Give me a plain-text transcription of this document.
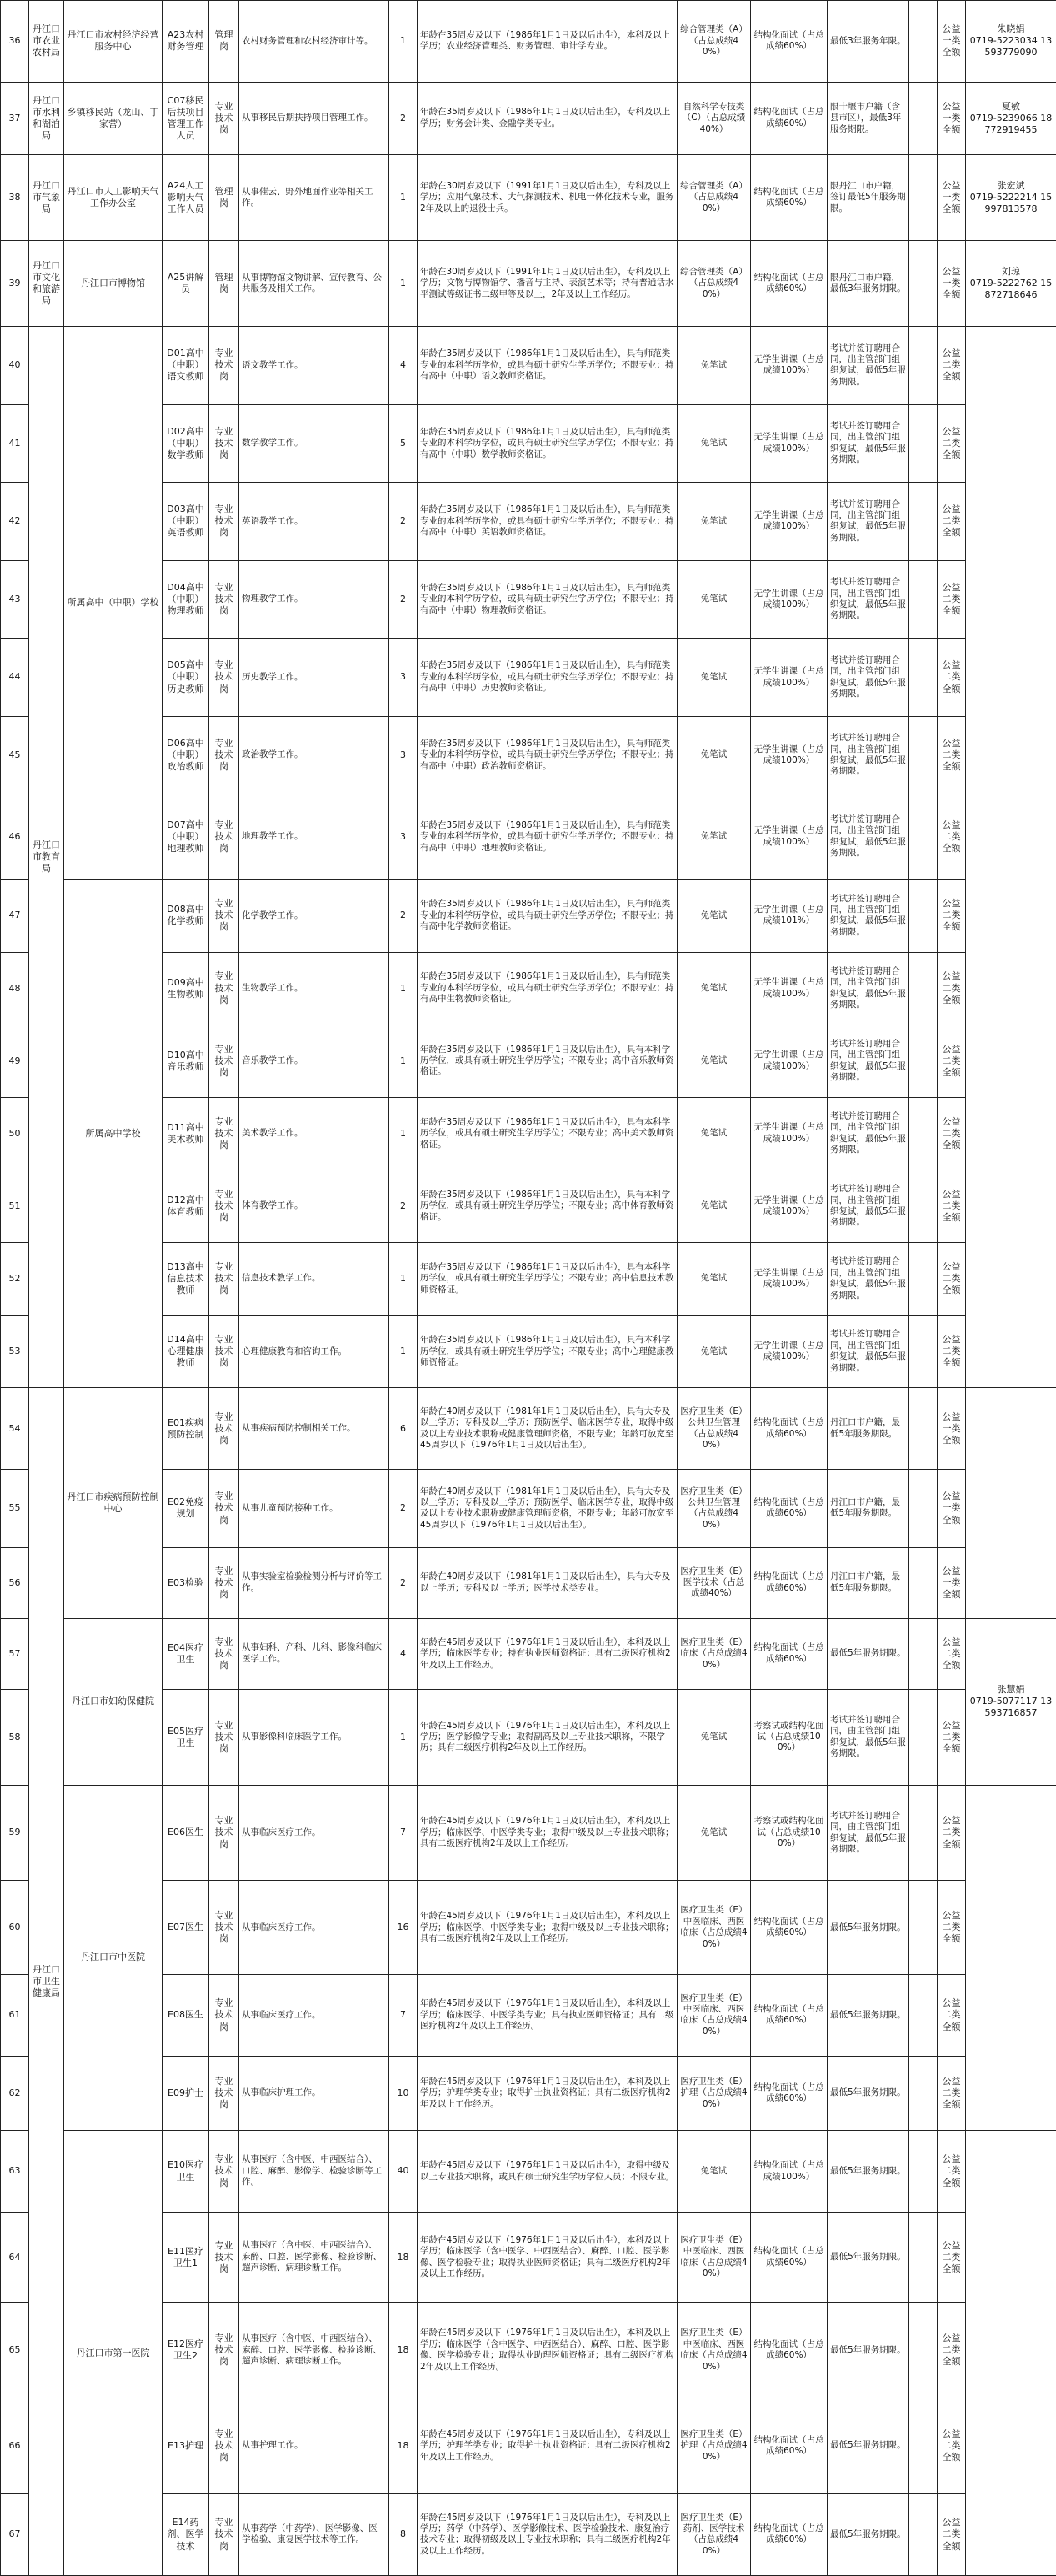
36	丹江口市农业农村局	丹江口市农村经济经营服务中心	A23农村财务管理	管理岗	农村财务管理和农村经济审计等。	1	年龄在35周岁及以下（1986年1月1日及以后出生），本科及以上学历；农业经济管理类、财务管理、审计学专业。	综合管理类（A）（占总成绩40%）	结构化面试（占总成绩60%）	最低3年服务年限。		公益一类全额	朱晓娟
0719-5223034 13593779090

37	丹江口市水利和湖泊局	乡镇移民站（龙山、丁家营）	C07移民后扶项目管理工作人员	专业技术岗	从事移民后期扶持项目管理工作。	2	年龄在35周岁及以下（1986年1月1日及以后出生），专科及以上学历；财务会计类、金融学类专业。	自然科学专技类（C）（占总成绩40%）	结构化面试（占总成绩60%）	限十堰市户籍（含县市区），最低3年服务期限。		公益一类全额	夏敏
0719-5239066 18772919455

38	丹江口市气象局	丹江口市人工影响天气工作办公室	A24人工影响天气工作人员	管理岗	从事催云、野外地面作业等相关工作。	1	年龄在30周岁及以下（1991年1月1日及以后出生），专科及以上学历；应用气象技术、大气探测技术、机电一体化技术专业，服务2年及以上的退役士兵。	综合管理类（A）（占总成绩40%）	结构化面试（占总成绩60%）	限丹江口市户籍，签订最低5年服务期限。		公益一类全额	张宏斌
0719-5222214 15997813578

39	丹江口市文化和旅游局	丹江口市博物馆	A25讲解员	管理岗	从事博物馆文物讲解、宣传教育、公共服务及相关工作。	1	年龄在30周岁及以下（1991年1月1日及以后出生），专科及以上学历；文物与博物馆学、播音与主持、表演艺术等；持有普通话水平测试等级证书二级甲等及以上，2年及以上工作经历。	综合管理类（A）（占总成绩40%）	结构化面试（占总成绩60%）	限丹江口市户籍，最低3年服务期限。		公益一类全额	刘琼
0719-5222762 15872718646

40	丹江口市教育局	所属高中（中职）学校	D01高中（中职）语文教师	专业技术岗	语文教学工作。	4	年龄在35周岁及以下（1986年1月1日及以后出生），具有师范类专业的本科学历学位，或具有硕士研究生学历学位；不限专业；持有高中（中职）语文教师资格证。	免笔试	无学生讲课（占总成绩100%）	考试并签订聘用合同，出主管部门组织复试，最低5年服务期限。		公益二类全额	

41			D02高中（中职）数学教师	专业技术岗	数学教学工作。	5	年龄在35周岁及以下（1986年1月1日及以后出生），具有师范类专业的本科学历学位，或具有硕士研究生学历学位；不限专业；持有高中（中职）数学教师资格证。	免笔试	无学生讲课（占总成绩100%）	考试并签订聘用合同，出主管部门组织复试，最低5年服务期限。		公益二类全额	
42			D03高中（中职）英语教师	专业技术岗	英语教学工作。	2	年龄在35周岁及以下（1986年1月1日及以后出生），具有师范类专业的本科学历学位，或具有硕士研究生学历学位；不限专业；持有高中（中职）英语教师资格证。	免笔试	无学生讲课（占总成绩100%）	考试并签订聘用合同，出主管部门组织复试，最低5年服务期限。		公益二类全额	
43			D04高中（中职）物理教师	专业技术岗	物理教学工作。	2	年龄在35周岁及以下（1986年1月1日及以后出生），具有师范类专业的本科学历学位，或具有硕士研究生学历学位；不限专业；持有高中（中职）物理教师资格证。	免笔试	无学生讲课（占总成绩100%）	考试并签订聘用合同，出主管部门组织复试，最低5年服务期限。		公益二类全额	
44			D05高中（中职）历史教师	专业技术岗	历史教学工作。	3	年龄在35周岁及以下（1986年1月1日及以后出生），具有师范类专业的本科学历学位，或具有硕士研究生学历学位；不限专业；持有高中（中职）历史教师资格证。	免笔试	无学生讲课（占总成绩100%）	考试并签订聘用合同，出主管部门组织复试，最低5年服务期限。		公益二类全额	
45			D06高中（中职）政治教师	专业技术岗	政治教学工作。	3	年龄在35周岁及以下（1986年1月1日及以后出生），具有师范类专业的本科学历学位，或具有硕士研究生学历学位；不限专业；持有高中（中职）政治教师资格证。	免笔试	无学生讲课（占总成绩100%）	考试并签订聘用合同，出主管部门组织复试，最低5年服务期限。		公益二类全额	
46			D07高中（中职）地理教师	专业技术岗	地理教学工作。	3	年龄在35周岁及以下（1986年1月1日及以后出生），具有师范类专业的本科学历学位，或具有硕士研究生学历学位；不限专业；持有高中（中职）地理教师资格证。	免笔试	无学生讲课（占总成绩100%）	考试并签订聘用合同，出主管部门组织复试，最低5年服务期限。		公益二类全额	
47		所属高中学校	D08高中化学教师	专业技术岗	化学教学工作。	2	年龄在35周岁及以下（1986年1月1日及以后出生），具有师范类专业的本科学历学位，或具有硕士研究生学历学位；不限专业；持有高中化学教师资格证。	免笔试	无学生讲课（占总成绩101%）	考试并签订聘用合同，出主管部门组织复试，最低5年服务期限。		公益二类全额	
48			D09高中生物教师	专业技术岗	生物教学工作。	1	年龄在35周岁及以下（1986年1月1日及以后出生），具有师范类专业的本科学历学位，或具有硕士研究生学历学位；不限专业；持有高中生物教师资格证。	免笔试	无学生讲课（占总成绩100%）	考试并签订聘用合同，出主管部门组织复试，最低5年服务期限。		公益二类全额	
49			D10高中音乐教师	专业技术岗	音乐教学工作。	1	年龄在35周岁及以下（1986年1月1日及以后出生），具有本科学历学位，或具有硕士研究生学历学位；不限专业；高中音乐教师资格证。	免笔试	无学生讲课（占总成绩100%）	考试并签订聘用合同，出主管部门组织复试，最低5年服务期限。		公益二类全额	
50			D11高中美术教师	专业技术岗	美术教学工作。	1	年龄在35周岁及以下（1986年1月1日及以后出生），具有本科学历学位，或具有硕士研究生学历学位；不限专业；高中美术教师资格证。	免笔试	无学生讲课（占总成绩100%）	考试并签订聘用合同，出主管部门组织复试，最低5年服务期限。		公益二类全额	
51			D12高中体育教师	专业技术岗	体育教学工作。	2	年龄在35周岁及以下（1986年1月1日及以后出生），具有本科学历学位，或具有硕士研究生学历学位；不限专业；高中体育教师资格证。	免笔试	无学生讲课（占总成绩100%）	考试并签订聘用合同，出主管部门组织复试，最低5年服务期限。		公益二类全额	
52			D13高中信息技术教师	专业技术岗	信息技术教学工作。	1	年龄在35周岁及以下（1986年1月1日及以后出生），具有本科学历学位，或具有硕士研究生学历学位；不限专业；高中信息技术教师资格证。	免笔试	无学生讲课（占总成绩100%）	考试并签订聘用合同，出主管部门组织复试，最低5年服务期限。		公益二类全额	
53			D14高中心理健康教师	专业技术岗	心理健康教育和咨询工作。	1	年龄在35周岁及以下（1986年1月1日及以后出生），具有本科学历学位，或具有硕士研究生学历学位；不限专业；高中心理健康教师资格证。	免笔试	无学生讲课（占总成绩100%）	考试并签订聘用合同，出主管部门组织复试，最低5年服务期限。		公益二类全额	
54	丹江口市卫生健康局	丹江口市疾病预防控制中心	E01疾病预防控制	专业技术岗	从事疾病预防控制相关工作。	6	年龄在40周岁及以下（1981年1月1日及以后出生），具有大专及以上学历；专科及以上学历；预防医学、临床医学专业，取得中级及以上专业技术职称或健康管理师资格，不限专业；年龄可放宽至45周岁以下（1976年1月1日及以后出生）。	医疗卫生类（E）公共卫生管理（占总成绩40%）	结构化面试（占总成绩60%）	丹江口市户籍，最低5年服务期限。		公益一类全额	

55			E02免疫规划	专业技术岗	从事儿童预防接种工作。	2	年龄在40周岁及以下（1981年1月1日及以后出生），具有大专及以上学历；专科及以上学历；预防医学、临床医学专业，取得中级及以上专业技术职称或健康管理师资格，不限专业；年龄可放宽至45周岁以下（1976年1月1日及以后出生）。	医疗卫生类（E）公共卫生管理（占总成绩40%）	结构化面试（占总成绩60%）	丹江口市户籍，最低5年服务期限。		公益一类全额	
56			E03检验	专业技术岗	从事实验室检验检测分析与评价等工作。	2	年龄在40周岁及以下（1981年1月1日及以后出生），具有大专及以上学历；专科及以上学历；医学技术类专业。	医疗卫生类（E）医学技术（占总成绩40%）	结构化面试（占总成绩60%）	丹江口市户籍，最低5年服务期限。		公益一类全额	
57		丹江口市妇幼保健院	E04医疗卫生	专业技术岗	从事妇科、产科、儿科、影像科临床医学工作。	4	年龄在45周岁及以下（1976年1月1日及以后出生），本科及以上学历；临床医学专业；持有执业医师资格证；具有二级医疗机构2年及以上工作经历。	医疗卫生类（E）临床（占总成绩40%）	结构化面试（占总成绩60%）	最低5年服务期限。		公益二类全额	张慧娟
0719-5077117 13593716857

58			E05医疗卫生	专业技术岗	从事影像科临床医学工作。	1	年龄在45周岁及以下（1976年1月1日及以后出生），本科及以上学历；医学影像学专业；取得副高及以上专业技术职称，不限学历；具有二级医疗机构2年及以上工作经历。	免笔试	考察试或结构化面试（占总成绩100%）	考试并签订聘用合同，由主管部门组织复试，最低5年服务期限。		公益二类全额	
59		丹江口市中医院	E06医生	专业技术岗	从事临床医疗工作。	7	年龄在45周岁及以下（1976年1月1日及以后出生），本科及以上学历；临床医学、中医学类专业；取得中级及以上专业技术职称；具有二级医疗机构2年及以上工作经历。	免笔试	考察试或结构化面试（占总成绩100%）	考试并签订聘用合同，由主管部门组织复试，最低5年服务期限。		公益二类全额	

60			E07医生	专业技术岗	从事临床医疗工作。	16	年龄在45周岁及以下（1976年1月1日及以后出生），本科及以上学历；临床医学、中医学类专业；取得中级及以上专业技术职称；具有二级医疗机构2年及以上工作经历。	医疗卫生类（E）中医临床、西医临床（占总成绩40%）	结构化面试（占总成绩60%）	最低5年服务期限。		公益二类全额	
61			E08医生	专业技术岗	从事临床医疗工作。	7	年龄在45周岁及以下（1976年1月1日及以后出生），本科及以上学历；临床医学、中医学类专业；具有执业医师资格证；具有二级医疗机构2年及以上工作经历。	医疗卫生类（E）中医临床、西医临床（占总成绩40%）	结构化面试（占总成绩60%）	最低5年服务期限。		公益二类全额	
62			E09护士	专业技术岗	从事临床护理工作。	10	年龄在45周岁及以下（1976年1月1日及以后出生），本科及以上学历；护理学类专业；取得护士执业资格证；具有二级医疗机构2年及以上工作经历。	医疗卫生类（E）护理（占总成绩40%）	结构化面试（占总成绩60%）	最低5年服务期限。		公益二类全额	
63		丹江口市第一医院	E10医疗卫生	专业技术岗	从事医疗（含中医、中西医结合）、口腔、麻醉、影像学、检验诊断等工作。	40	年龄在45周岁及以下（1976年1月1日及以后出生），取得中级及以上专业技术职称，或具有硕士研究生学历学位人员；不限专业。	免笔试	结构化面试（占总成绩100%）	最低5年服务期限。		公益二类全额	

64			E11医疗卫生1	专业技术岗	从事医疗（含中医、中西医结合）、麻醉、口腔、医学影像、检验诊断、超声诊断、病理诊断工作。	18	年龄在45周岁及以下（1976年1月1日及以后出生），本科及以上学历；临床医学（含中医学、中西医结合）、麻醉、口腔、医学影像、医学检验专业；取得执业医师资格证；具有二级医疗机构2年及以上工作经历。	医疗卫生类（E）中医临床、西医临床（占总成绩40%）	结构化面试（占总成绩60%）	最低5年服务期限。		公益二类全额	
65			E12医疗卫生2	专业技术岗	从事医疗（含中医、中西医结合）、麻醉、口腔、医学影像、检验诊断、超声诊断、病理诊断工作。	18	年龄在45周岁及以下（1976年1月1日及以后出生），本科及以上学历；临床医学（含中医学、中西医结合）、麻醉、口腔、医学影像、医学检验专业；取得执业助理医师资格证；具有二级医疗机构2年及以上工作经历。	医疗卫生类（E）中医临床、西医临床（占总成绩40%）	结构化面试（占总成绩60%）	最低5年服务期限。		公益二类全额	
66			E13护理	专业技术岗	从事护理工作。	18	年龄在45周岁及以下（1976年1月1日及以后出生），专科及以上学历；护理学类专业；取得护士执业资格证；具有二级医疗机构2年及以上工作经历。	医疗卫生类（E）护理（占总成绩40%）	结构化面试（占总成绩60%）	最低5年服务期限。		公益二类全额	
67			E14药剂、医学技术	专业技术岗	从事药学（中药学）、医学影像、医学检验、康复医学技术等工作。	8	年龄在45周岁及以下（1976年1月1日及以后出生），专科及以上学历；药学（中药学）、医学影像技术、医学检验技术、康复治疗技术专业；取得初级及以上专业技术职称；具有二级医疗机构2年及以上工作经历。	医疗卫生类（E）药剂、医学技术（占总成绩40%）	结构化面试（占总成绩60%）	最低5年服务期限。		公益二类全额	
